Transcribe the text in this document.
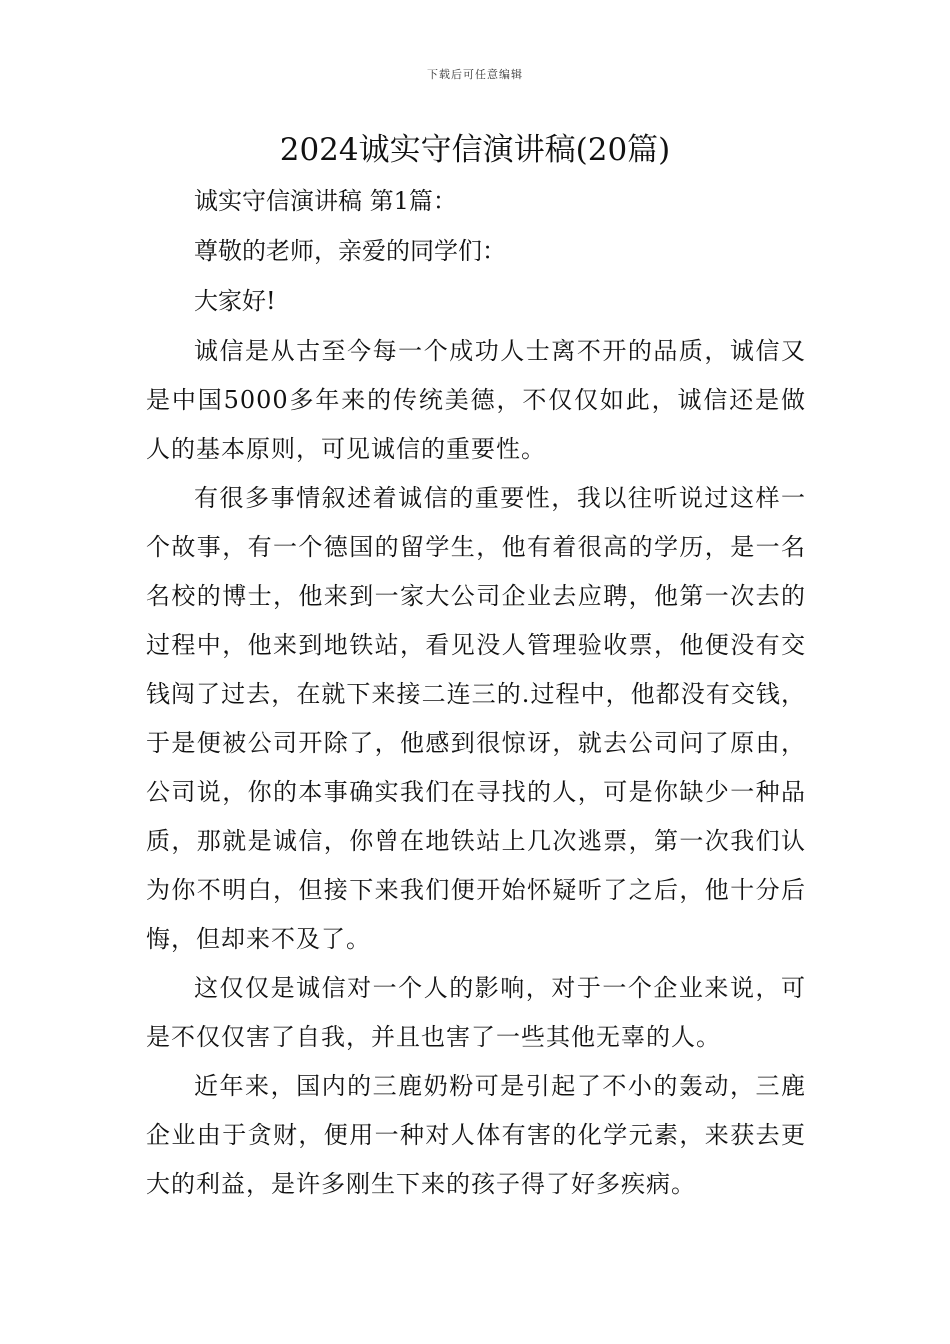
下载后可任意编辑
2024诚实守信演讲稿(20篇)
诚实守信演讲稿 第1篇：
尊敬的老师，亲爱的同学们：
大家好!

诚信是从古至今每一个成功人士离不开的品质，诚信又是中国5000多年来的传统美德，不仅仅如此，诚信还是做人的基本原则，可见诚信的重要性。

有很多事情叙述着诚信的重要性，我以往听说过这样一个故事，有一个德国的留学生，他有着很高的学历，是一名名校的博士，他来到一家大公司企业去应聘，他第一次去的过程中，他来到地铁站，看见没人管理验收票，他便没有交钱闯了过去，在就下来接二连三的.过程中，他都没有交钱，于是便被公司开除了，他感到很惊讶，就去公司问了原由，公司说，你的本事确实我们在寻找的人，可是你缺少一种品质，那就是诚信，你曾在地铁站上几次逃票，第一次我们认为你不明白，但接下来我们便开始怀疑听了之后，他十分后悔，但却来不及了。

这仅仅是诚信对一个人的影响，对于一个企业来说，可是不仅仅害了自我，并且也害了一些其他无辜的人。

近年来，国内的三鹿奶粉可是引起了不小的轰动，三鹿企业由于贪财，便用一种对人体有害的化学元素，来获去更大的利益，是许多刚生下来的孩子得了好多疾病。
